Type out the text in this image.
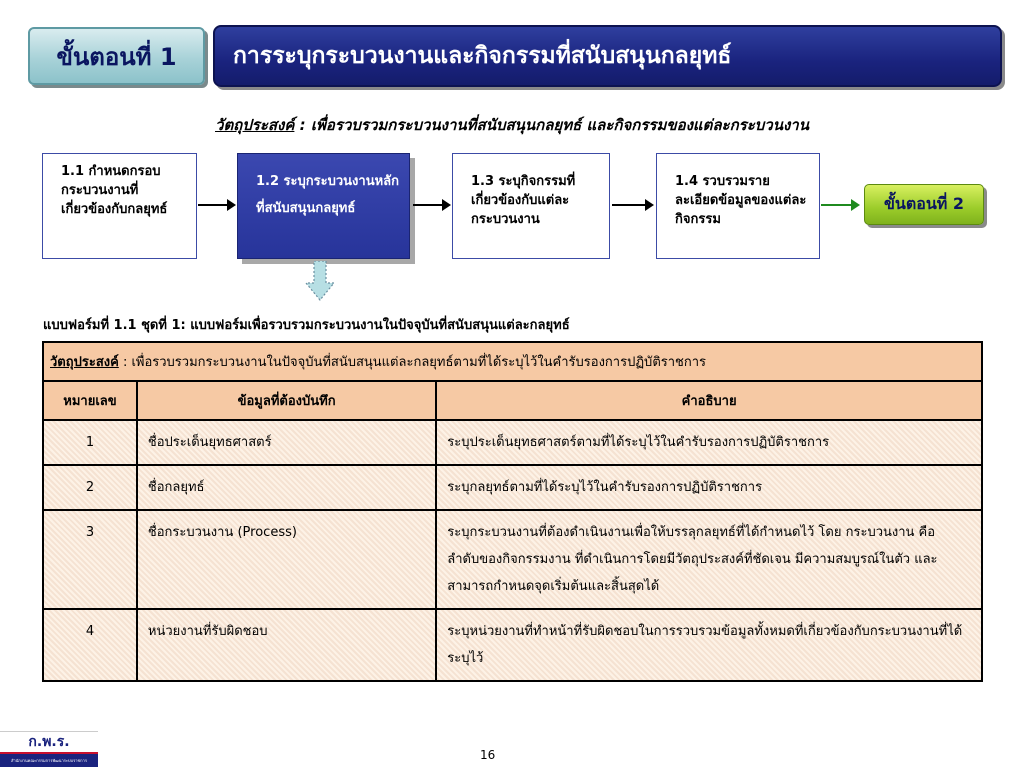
ขั้นตอนที่ 1 การระบุกระบวนงานและกิจกรรมที่สนับสนุนกลยุทธ์
วัตถุประสงค์ : เพื่อรวบรวมกระบวนงานที่สนับสนุนกลยุทธ์ และกิจกรรมของแต่ละกระบวนงาน
1.1 กำหนดกรอบกระบวนงานที่เกี่ยวข้องกับกลยุทธ์
1.2 ระบุกระบวนงานหลักที่สนับสนุนกลยุทธ์
1.3 ระบุกิจกรรมที่เกี่ยวข้องกับแต่ละกระบวนงาน
1.4 รวบรวมรายละเอียดข้อมูลของแต่ละกิจกรรม
ขั้นตอนที่ 2
แบบฟอร์มที่ 1.1 ชุดที่ 1: แบบฟอร์มเพื่อรวบรวมกระบวนงานในปัจจุบันที่สนับสนุนแต่ละกลยุทธ์
วัตถุประสงค์ : เพื่อรวบรวมกระบวนงานในปัจจุบันที่สนับสนุนแต่ละกลยุทธ์ตามที่ได้ระบุไว้ในคำรับรองการปฏิบัติราชการ		
หมายเลข	ข้อมูลที่ต้องบันทึก	คำอธิบาย
1	ชื่อประเด็นยุทธศาสตร์	ระบุประเด็นยุทธศาสตร์ตามที่ได้ระบุไว้ในคำรับรองการปฏิบัติราชการ
2	ชื่อกลยุทธ์	ระบุกลยุทธ์ตามที่ได้ระบุไว้ในคำรับรองการปฏิบัติราชการ
3	ชื่อกระบวนงาน (Process)	ระบุกระบวนงานที่ต้องดำเนินงานเพื่อให้บรรลุกลยุทธ์ที่ได้กำหนดไว้ โดย กระบวนงาน คือ ลำดับของกิจกรรมงาน ที่ดำเนินการโดยมีวัตถุประสงค์ที่ชัดเจน มีความสมบูรณ์ในตัว และสามารถกำหนดจุดเริ่มต้นและสิ้นสุดได้
4	หน่วยงานที่รับผิดชอบ	ระบุหน่วยงานที่ทำหน้าที่รับผิดชอบในการรวบรวมข้อมูลทั้งหมดที่เกี่ยวข้องกับกระบวนงานที่ได้ระบุไว้
ก.พ.ร.
สำนักงานคณะกรรมการพัฒนาระบบราชการ	16
